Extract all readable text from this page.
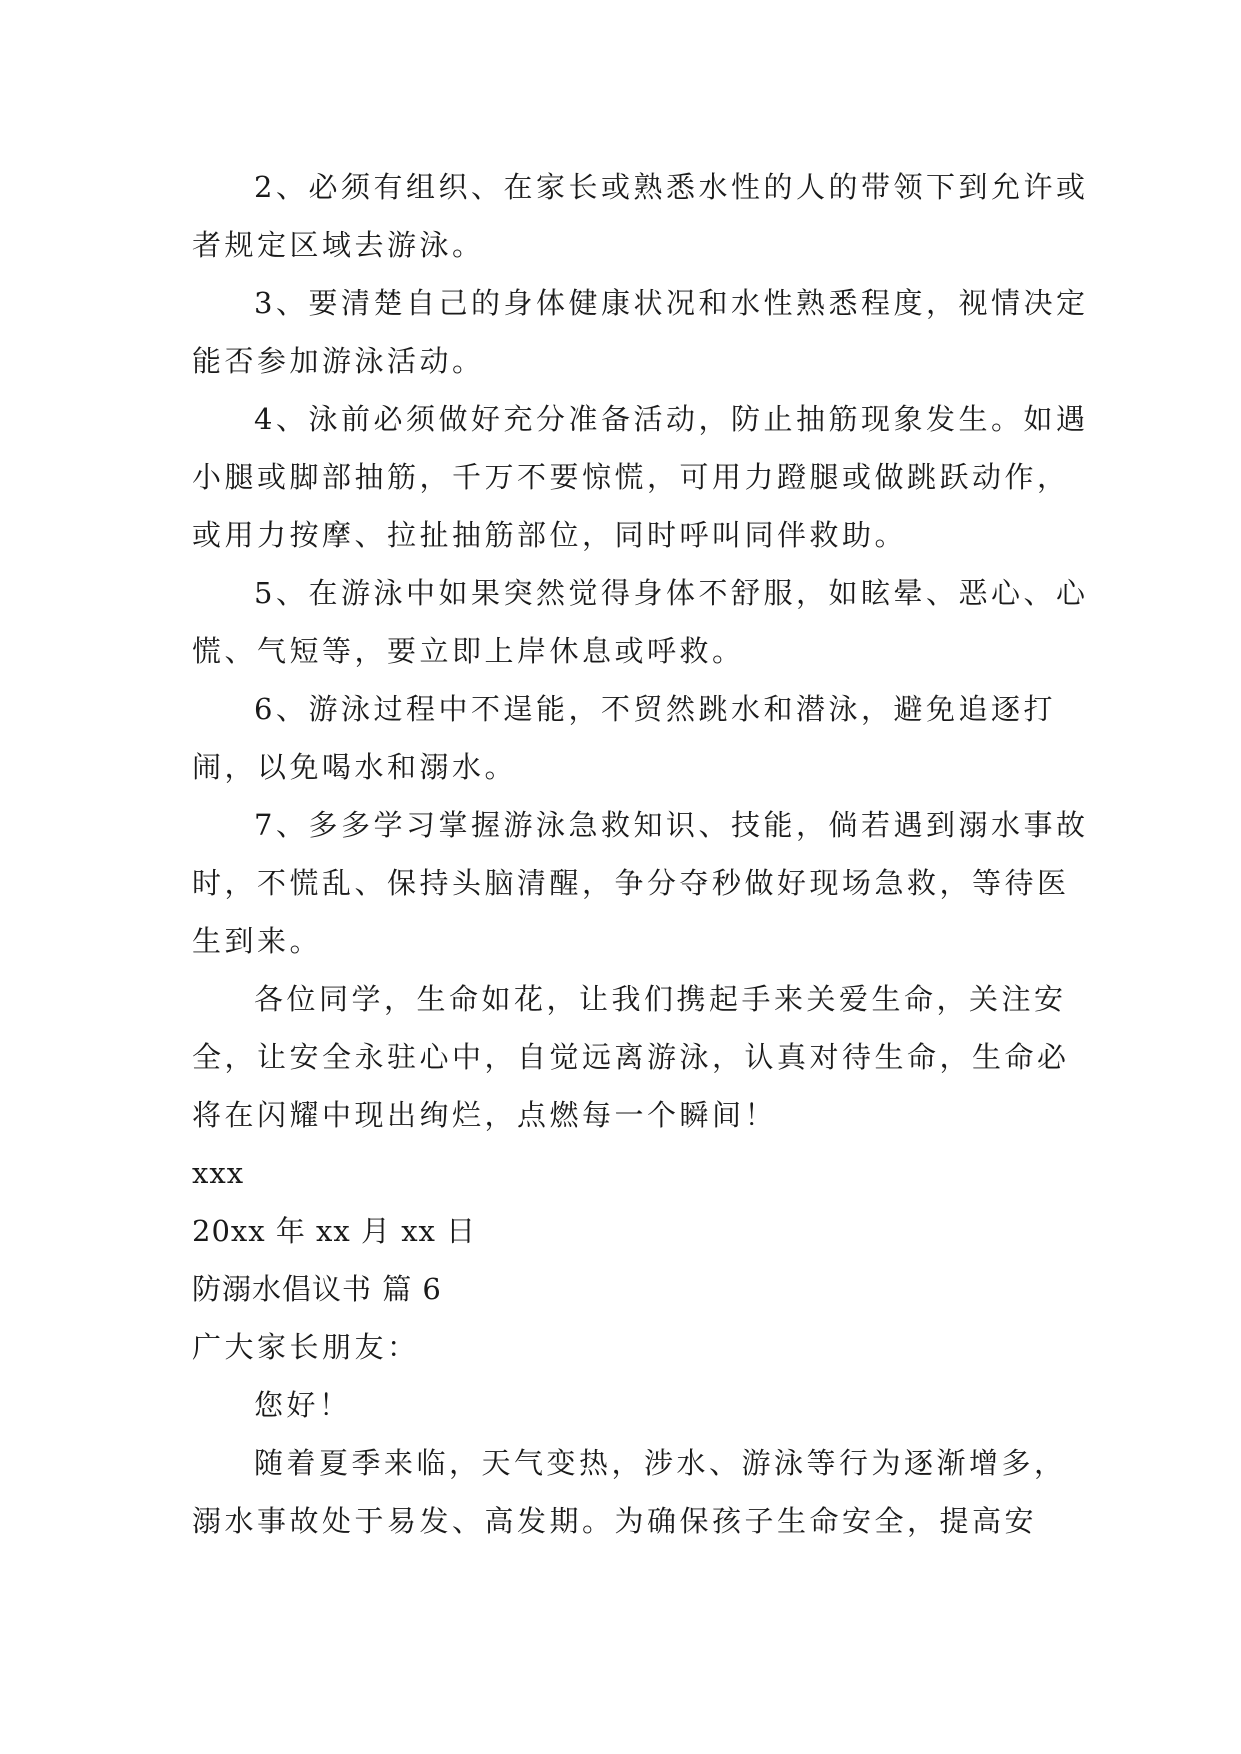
2、必须有组织、在家长或熟悉水性的人的带领下到允许或者规定区域去游泳。

3、要清楚自己的身体健康状况和水性熟悉程度，视情决定能否参加游泳活动。

4、泳前必须做好充分准备活动，防止抽筋现象发生。如遇小腿或脚部抽筋，千万不要惊慌，可用力蹬腿或做跳跃动作，或用力按摩、拉扯抽筋部位，同时呼叫同伴救助。

5、在游泳中如果突然觉得身体不舒服，如眩晕、恶心、心慌、气短等，要立即上岸休息或呼救。

6、游泳过程中不逞能，不贸然跳水和潜泳，避免追逐打闹，以免喝水和溺水。

7、多多学习掌握游泳急救知识、技能，倘若遇到溺水事故时，不慌乱、保持头脑清醒，争分夺秒做好现场急救，等待医生到来。

各位同学，生命如花，让我们携起手来关爱生命，关注安全，让安全永驻心中，自觉远离游泳，认真对待生命，生命必将在闪耀中现出绚烂，点燃每一个瞬间！

xxx

20xx 年 xx 月 xx 日

防溺水倡议书 篇 6

广大家长朋友：

您好！

随着夏季来临，天气变热，涉水、游泳等行为逐渐增多，溺水事故处于易发、高发期。为确保孩子生命安全，提高安
